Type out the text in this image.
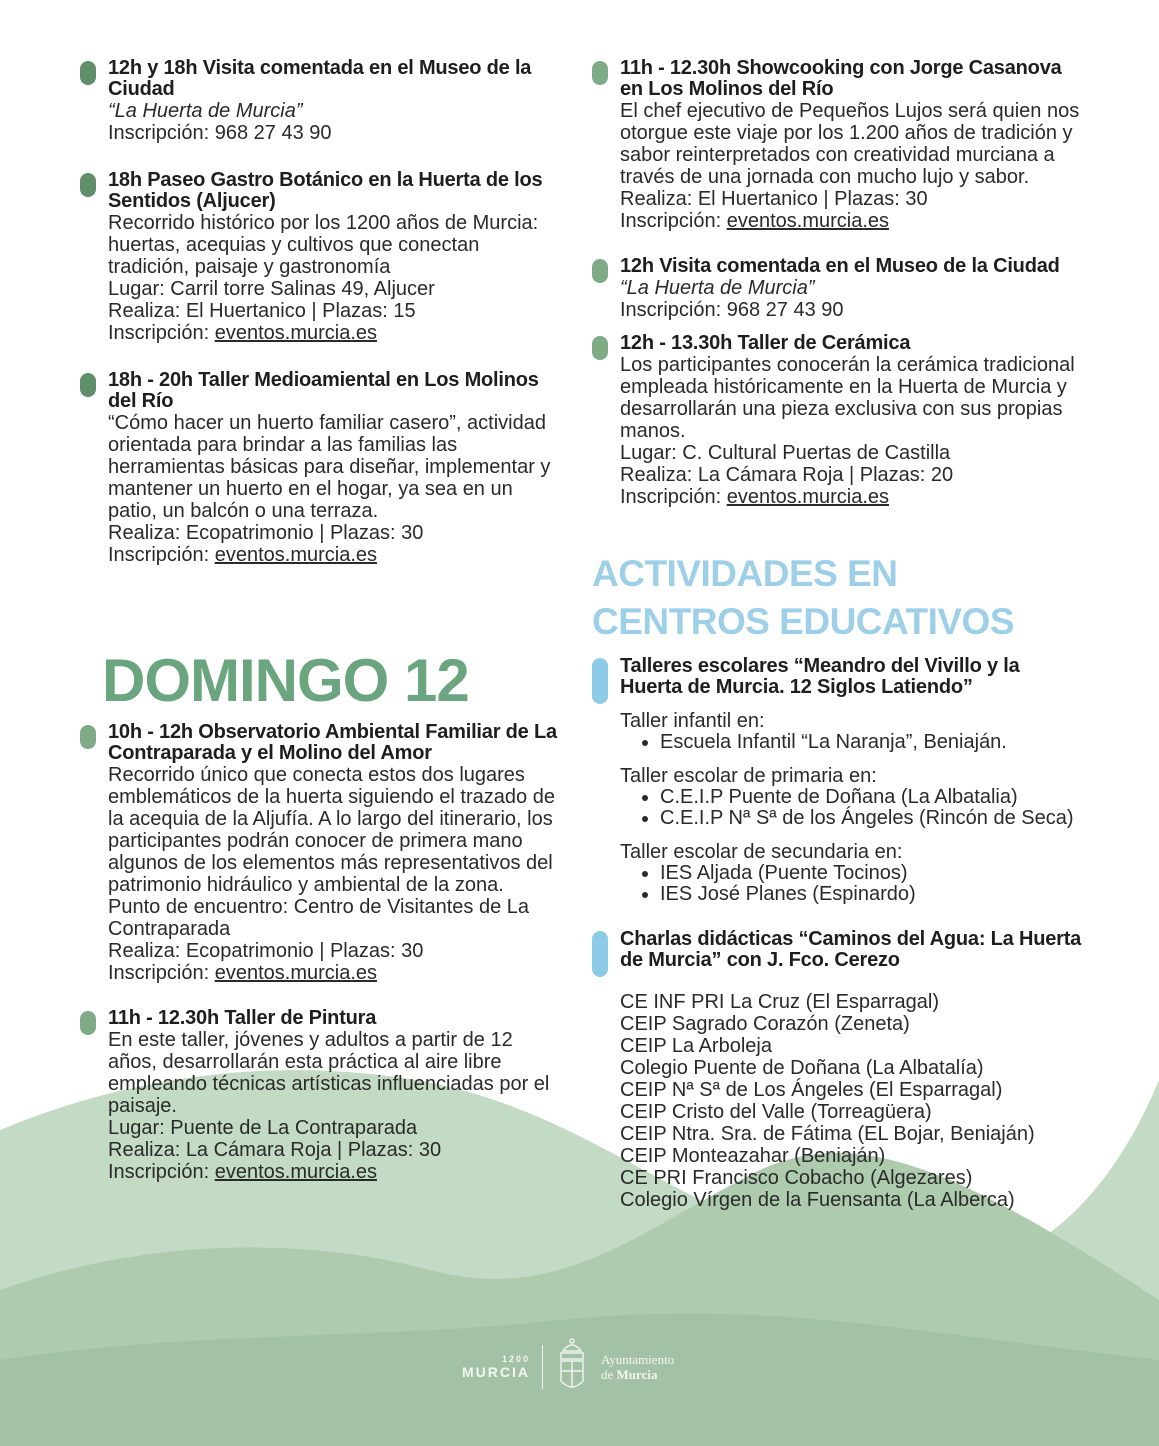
12h y 18h Visita comentada en el Museo de la Ciudad
“La Huerta de Murcia”
Inscripción: 968 27 43 90
18h Paseo Gastro Botánico en la Huerta de los Sentidos (Aljucer)
Recorrido histórico por los 1200 años de Murcia: huertas, acequias y cultivos que conectan tradición, paisaje y gastronomía
Lugar: Carril torre Salinas 49, Aljucer
Realiza: El Huertanico | Plazas: 15
Inscripción: eventos.murcia.es
18h - 20h Taller Medioamiental en Los Molinos del Río
“Cómo hacer un huerto familiar casero”, actividad orientada para brindar a las familias las herramientas básicas para diseñar, implementar y mantener un huerto en el hogar, ya sea en un patio, un balcón o una terraza.
Realiza: Ecopatrimonio | Plazas: 30
Inscripción: eventos.murcia.es
DOMINGO 12
10h - 12h Observatorio Ambiental Familiar de La Contraparada y el Molino del Amor
Recorrido único que conecta estos dos lugares emblemáticos de la huerta siguiendo el trazado de la acequia de la Aljufía. A lo largo del itinerario, los participantes podrán conocer de primera mano algunos de los elementos más representativos del patrimonio hidráulico y ambiental de la zona.
Punto de encuentro: Centro de Visitantes de La Contraparada
Realiza: Ecopatrimonio | Plazas: 30
Inscripción: eventos.murcia.es
11h - 12.30h Taller de Pintura
En este taller, jóvenes y adultos a partir de 12 años, desarrollarán esta práctica al aire libre empleando técnicas artísticas influenciadas por el paisaje.
Lugar: Puente de La Contraparada
Realiza: La Cámara Roja | Plazas: 30
Inscripción: eventos.murcia.es
11h - 12.30h Showcooking con Jorge Casanova en Los Molinos del Río
El chef ejecutivo de Pequeños Lujos será quien nos otorgue este viaje por los 1.200 años de tradición y sabor reinterpretados con creatividad murciana a través de una jornada con mucho lujo y sabor.
Realiza: El Huertanico | Plazas: 30
Inscripción: eventos.murcia.es
12h Visita comentada en el Museo de la Ciudad
“La Huerta de Murcia”
Inscripción: 968 27 43 90
12h - 13.30h Taller de Cerámica
Los participantes conocerán la cerámica tradicional empleada históricamente en la Huerta de Murcia y desarrollarán una pieza exclusiva con sus propias manos.
Lugar: C. Cultural Puertas de Castilla
Realiza: La Cámara Roja | Plazas: 20
Inscripción: eventos.murcia.es
ACTIVIDADES EN CENTROS EDUCATIVOS
Talleres escolares “Meandro del Vivillo y la Huerta de Murcia. 12 Siglos Latiendo”
Taller infantil en:
• Escuela Infantil “La Naranja”, Beniaján.
Taller escolar de primaria en:
• C.E.I.P Puente de Doñana (La Albatalia)
• C.E.I.P Nª Sª de los Ángeles (Rincón de Seca)
Taller escolar de secundaria en:
• IES Aljada (Puente Tocinos)
• IES José Planes (Espinardo)
Charlas didácticas “Caminos del Agua: La Huerta de Murcia” con J. Fco. Cerezo
CE INF PRI La Cruz (El Esparragal)
CEIP Sagrado Corazón (Zeneta)
CEIP La Arboleja
Colegio Puente de Doñana (La Albatalía)
CEIP Nª Sª de Los Ángeles (El Esparragal)
CEIP Cristo del Valle (Torreagüera)
CEIP Ntra. Sra. de Fátima (EL Bojar, Beniaján)
CEIP Monteazahar (Beniaján)
CE PRI Francisco Cobacho (Algezares)
Colegio Vírgen de la Fuensanta (La Alberca)
1200
MURCIA
Ayuntamiento
de Murcia
